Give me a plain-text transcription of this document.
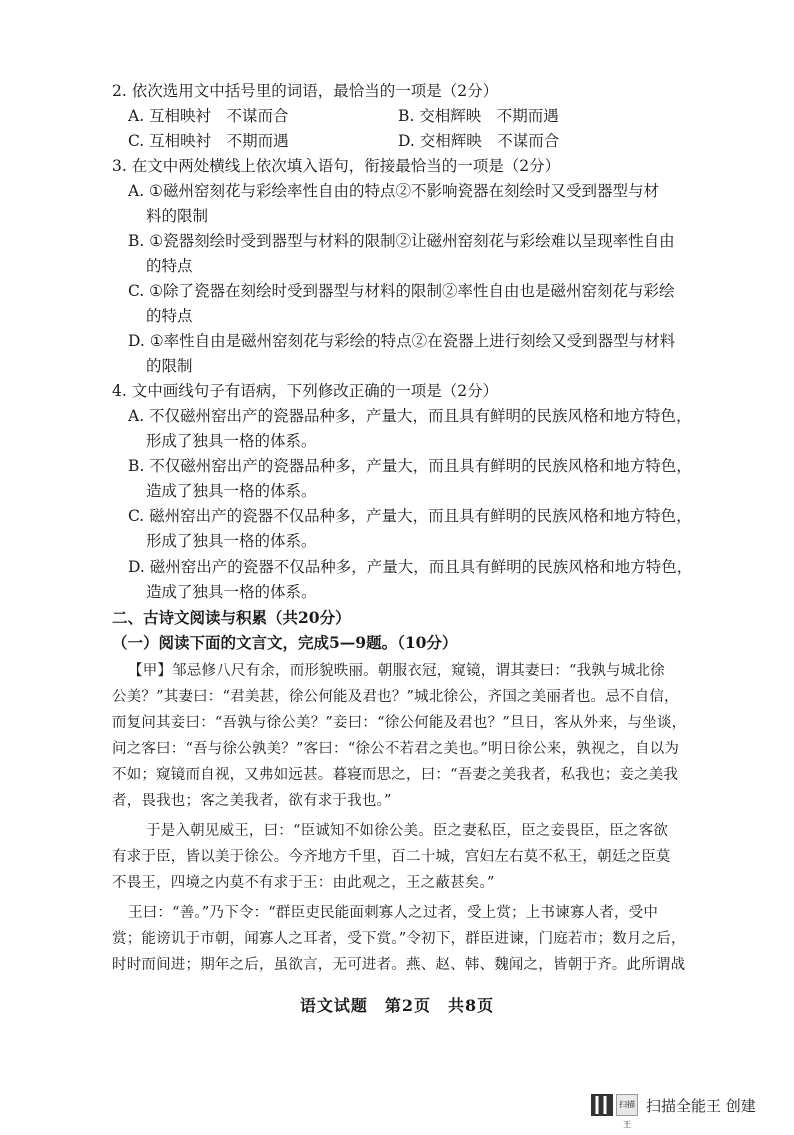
2. 依次选用文中括号里的词语，最恰当的一项是（2分）
A. 互相映衬　不谋而合	B. 交相辉映　不期而遇
C. 互相映衬　不期而遇	D. 交相辉映　不谋而合
3. 在文中两处横线上依次填入语句，衔接最恰当的一项是（2分）
A. ①磁州窑刻花与彩绘率性自由的特点②不影响瓷器在刻绘时又受到器型与材
料的限制
B. ①瓷器刻绘时受到器型与材料的限制②让磁州窑刻花与彩绘难以呈现率性自由
的特点
C. ①除了瓷器在刻绘时受到器型与材料的限制②率性自由也是磁州窑刻花与彩绘
的特点
D. ①率性自由是磁州窑刻花与彩绘的特点②在瓷器上进行刻绘又受到器型与材料
的限制
4. 文中画线句子有语病，下列修改正确的一项是（2分）
A. 不仅磁州窑出产的瓷器品种多，产量大，而且具有鲜明的民族风格和地方特色，
形成了独具一格的体系。
B. 不仅磁州窑出产的瓷器品种多，产量大，而且具有鲜明的民族风格和地方特色，
造成了独具一格的体系。
C. 磁州窑出产的瓷器不仅品种多，产量大，而且具有鲜明的民族风格和地方特色，
形成了独具一格的体系。
D. 磁州窑出产的瓷器不仅品种多，产量大，而且具有鲜明的民族风格和地方特色，
造成了独具一格的体系。
二、古诗文阅读与积累（共20分）
（一）阅读下面的文言文，完成5—9题。（10分）
【甲】邹忌修八尺有余，而形貌昳丽。朝服衣冠，窥镜，谓其妻曰：“我孰与城北徐
公美？”其妻曰：“君美甚，徐公何能及君也？”城北徐公，齐国之美丽者也。忌不自信，
而复问其妾曰：“吾孰与徐公美？”妾曰：“徐公何能及君也？”旦日，客从外来，与坐谈，
问之客曰：“吾与徐公孰美？”客曰：“徐公不若君之美也。”明日徐公来，孰视之，自以为
不如；窥镜而自视，又弗如远甚。暮寝而思之，曰：“吾妻之美我者，私我也；妾之美我
者，畏我也；客之美我者，欲有求于我也。”
于是入朝见威王，曰：“臣诚知不如徐公美。臣之妻私臣，臣之妾畏臣，臣之客欲
有求于臣，皆以美于徐公。今齐地方千里，百二十城，宫妇左右莫不私王，朝廷之臣莫
不畏王，四境之内莫不有求于王：由此观之，王之蔽甚矣。”
王曰：“善。”乃下令：“群臣吏民能面刺寡人之过者，受上赏；上书谏寡人者，受中
赏；能谤讥于市朝，闻寡人之耳者，受下赏。”令初下，群臣进谏，门庭若市；数月之后，
时时而间进；期年之后，虽欲言，无可进者。燕、赵、韩、魏闻之，皆朝于齐。此所谓战
语文试题　第2页　共8页
扫描王
扫描全能王 创建
